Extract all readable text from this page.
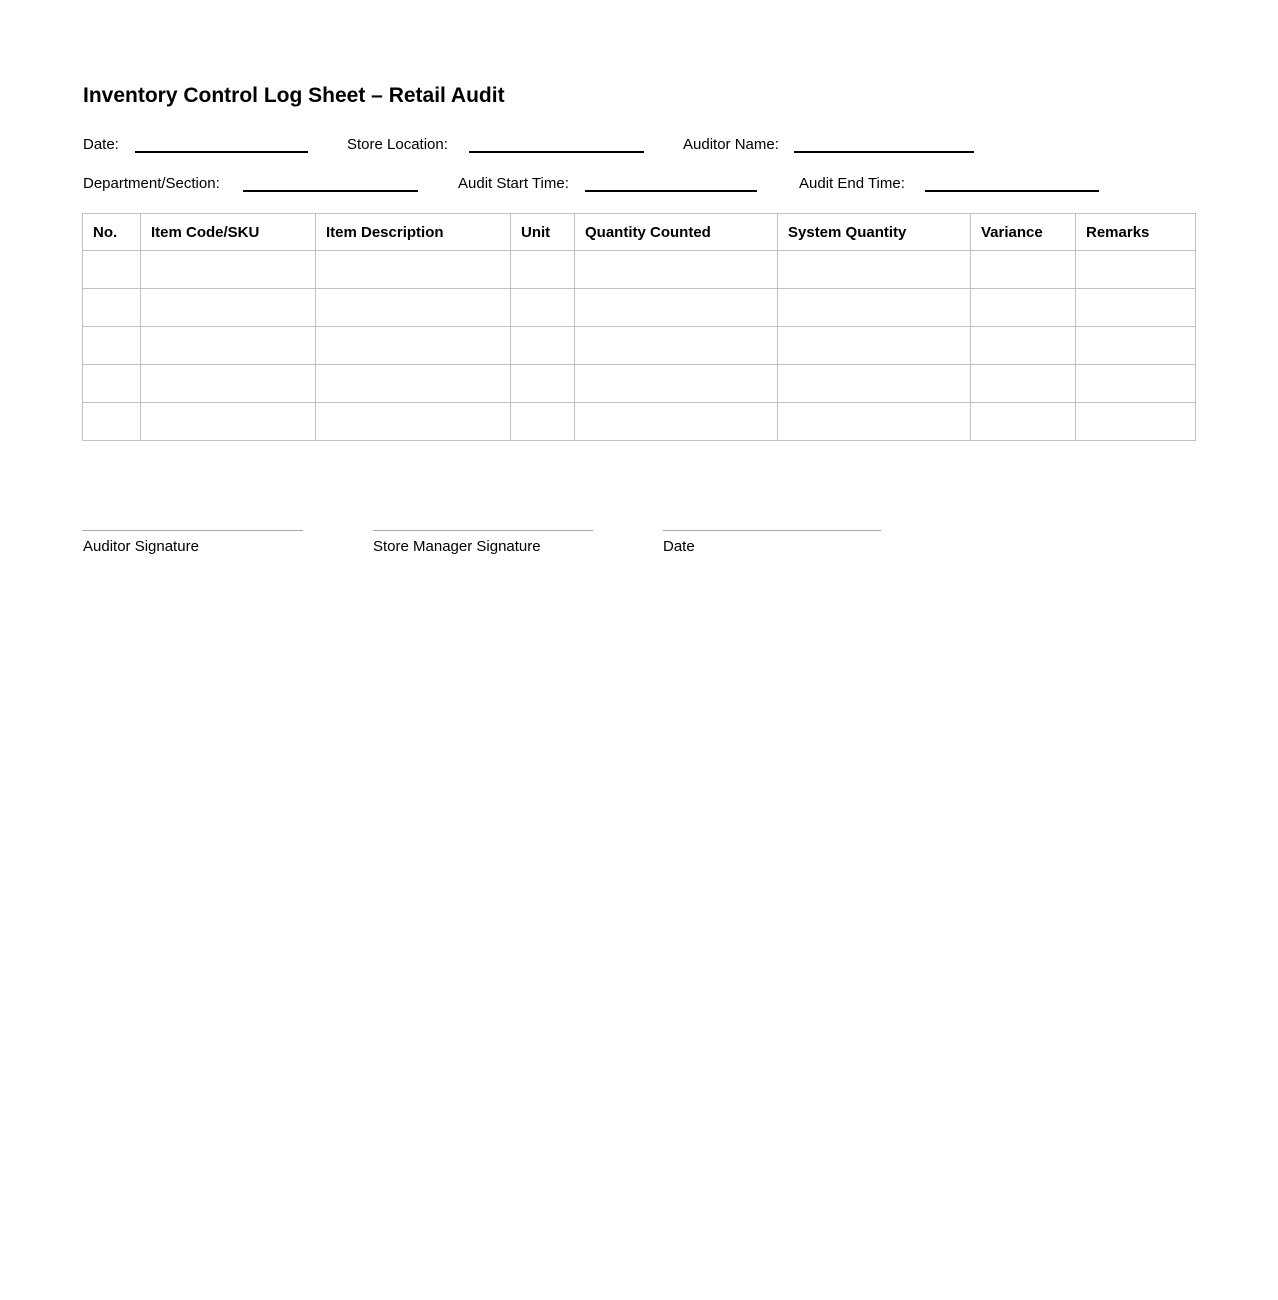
Inventory Control Log Sheet – Retail Audit
Date:	Store Location:	Auditor Name:
Department/Section:	Audit Start Time:	Audit End Time:
No.	Item Code/SKU	Item Description	Unit	Quantity Counted	System Quantity	Variance	Remarks

Auditor Signature	Store Manager Signature	Date
